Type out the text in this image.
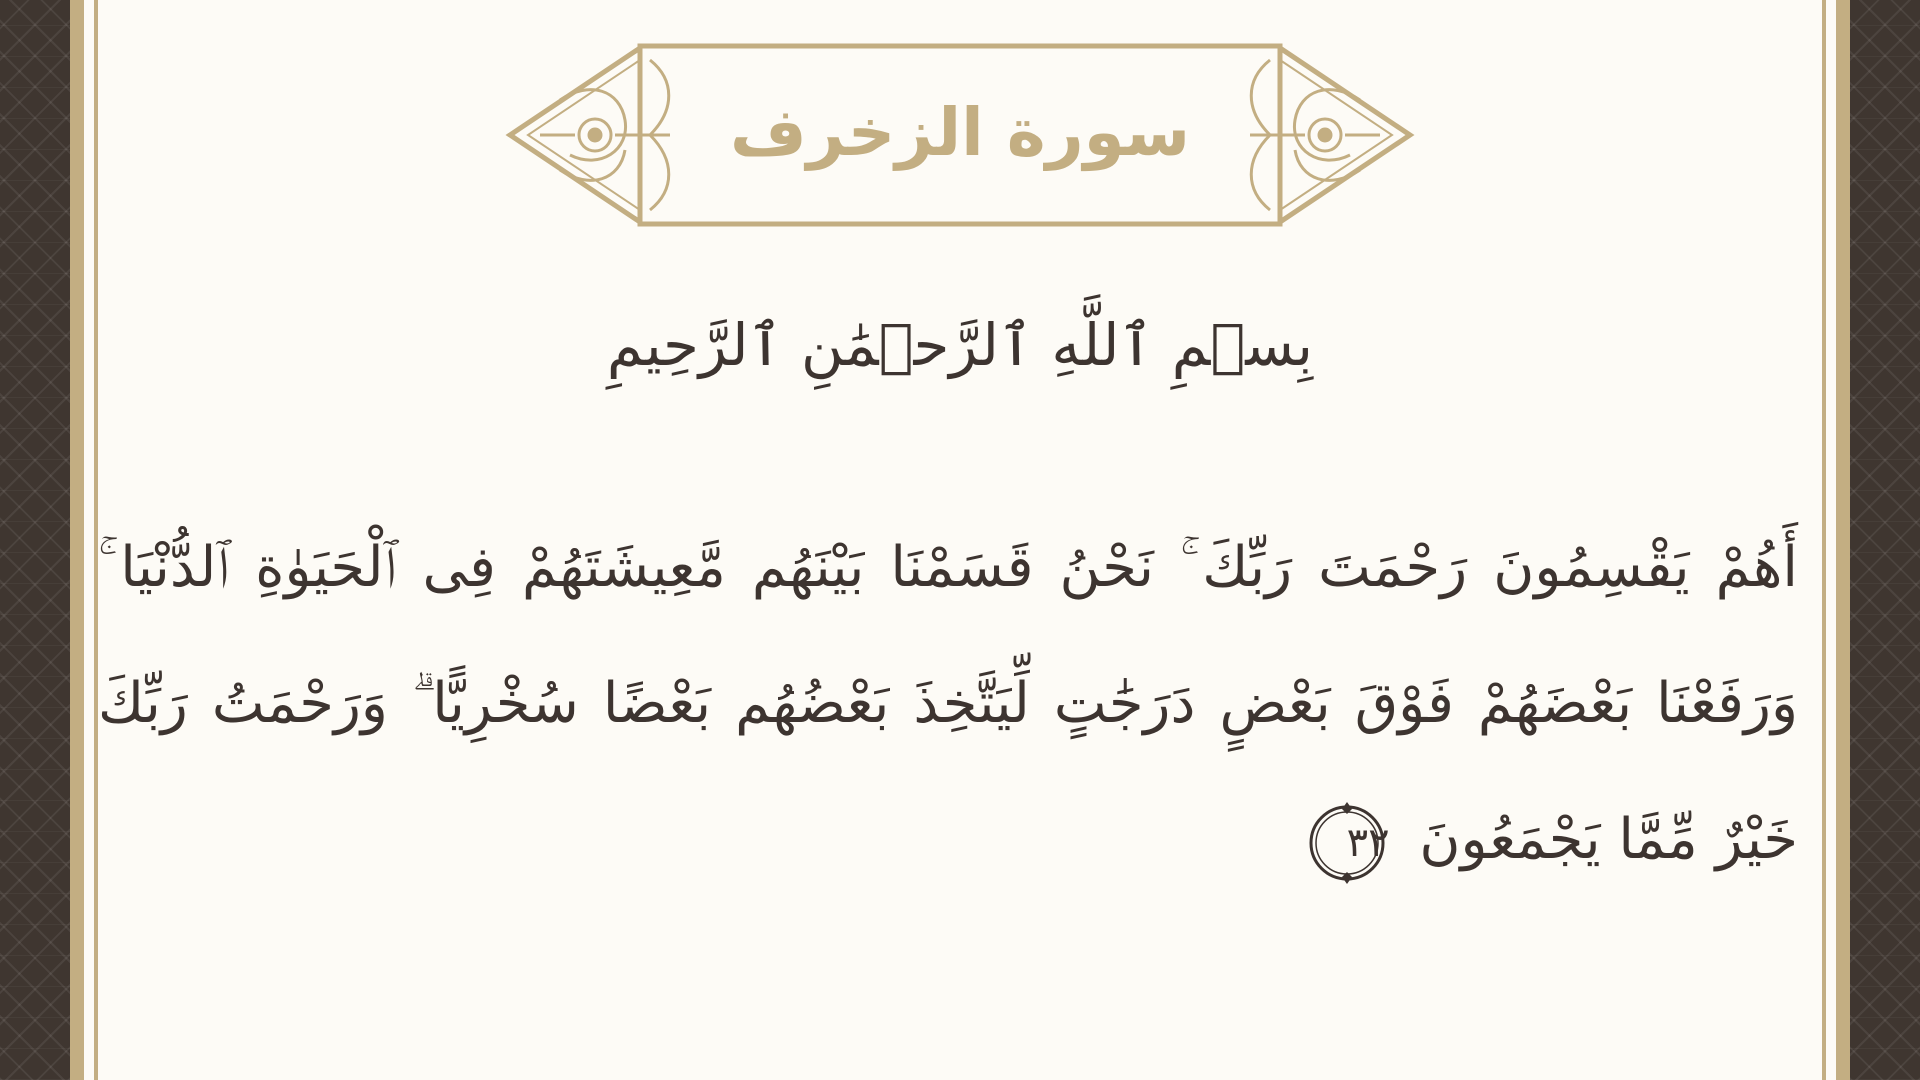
سورة الزخرف
بِسۡمِ ٱللَّهِ ٱلرَّحۡمَٰنِ ٱلرَّحِيمِ
أَهُمْ يَقْسِمُونَ رَحْمَتَ رَبِّكَ ۚ نَحْنُ قَسَمْنَا بَيْنَهُم مَّعِيشَتَهُمْ فِى ٱلْحَيَوٰةِ ٱلدُّنْيَا ۚ وَرَفَعْنَا بَعْضَهُمْ فَوْقَ بَعْضٍ دَرَجَٰتٍ لِّيَتَّخِذَ بَعْضُهُم بَعْضًا سُخْرِيًّا ۗ وَرَحْمَتُ رَبِّكَ خَيْرٌ مِّمَّا يَجْمَعُونَ
٣٢
